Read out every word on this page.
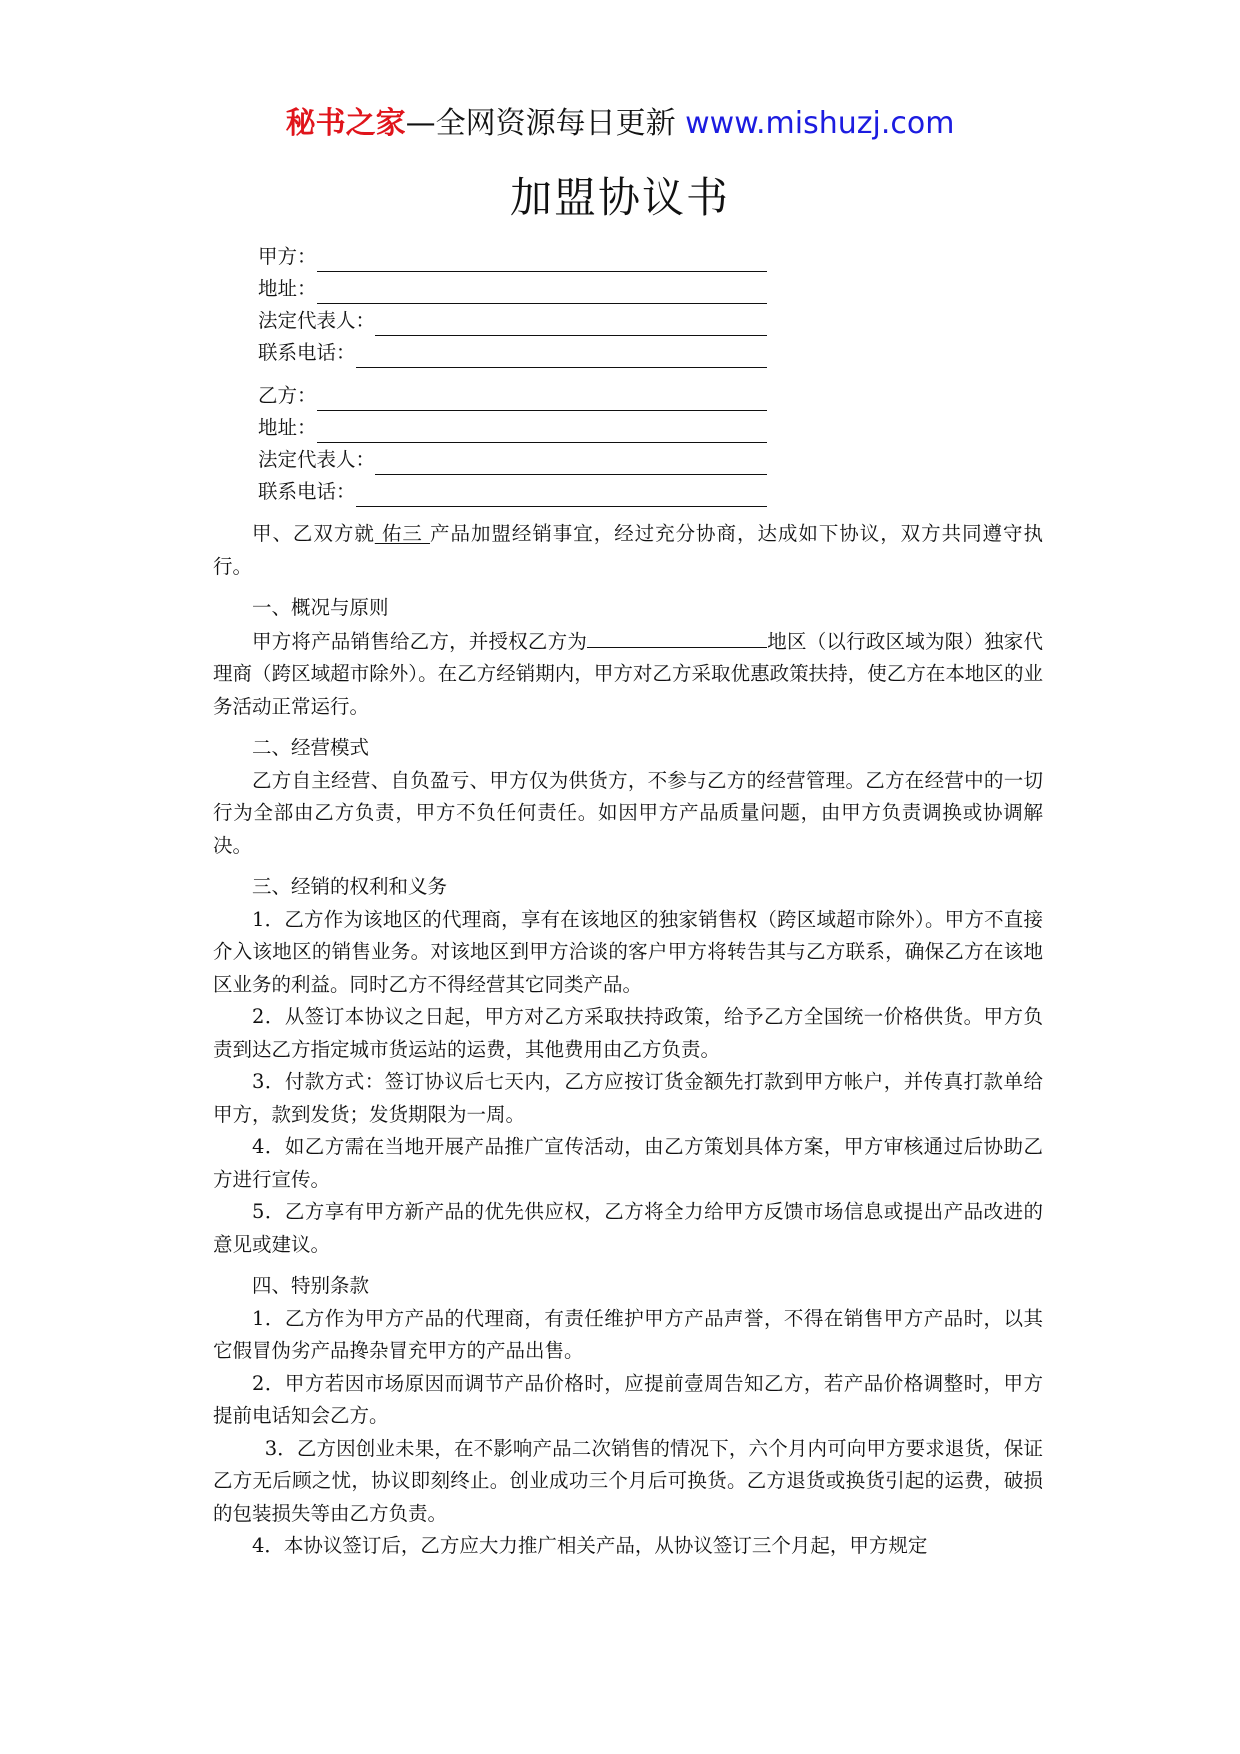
秘书之家—全网资源每日更新 www.mishuzj.com
加盟协议书
甲方：
地址：
法定代表人：
联系电话：
乙方：
地址：
法定代表人：
联系电话：

甲、乙双方就 佑三 产品加盟经销事宜，经过充分协商，达成如下协议，双方共同遵守执行。

一、概况与原则

甲方将产品销售给乙方，并授权乙方为	地区（以行政区域为限）独家代理商（跨区域超市除外）。在乙方经销期内，甲方对乙方采取优惠政策扶持，使乙方在本地区的业务活动正常运行。

二、经营模式

乙方自主经营、自负盈亏、甲方仅为供货方，不参与乙方的经营管理。乙方在经营中的一切行为全部由乙方负责，甲方不负任何责任。如因甲方产品质量问题，由甲方负责调换或协调解决。

三、经销的权利和义务

1．乙方作为该地区的代理商，享有在该地区的独家销售权（跨区域超市除外）。甲方不直接介入该地区的销售业务。对该地区到甲方洽谈的客户甲方将转告其与乙方联系，确保乙方在该地区业务的利益。同时乙方不得经营其它同类产品。

2．从签订本协议之日起，甲方对乙方采取扶持政策，给予乙方全国统一价格供货。甲方负责到达乙方指定城市货运站的运费，其他费用由乙方负责。

3．付款方式：签订协议后七天内，乙方应按订货金额先打款到甲方帐户，并传真打款单给甲方，款到发货；发货期限为一周。

4．如乙方需在当地开展产品推广宣传活动，由乙方策划具体方案，甲方审核通过后协助乙方进行宣传。

5．乙方享有甲方新产品的优先供应权，乙方将全力给甲方反馈市场信息或提出产品改进的意见或建议。

四、特别条款

1．乙方作为甲方产品的代理商，有责任维护甲方产品声誉，不得在销售甲方产品时，以其它假冒伪劣产品搀杂冒充甲方的产品出售。

2．甲方若因市场原因而调节产品价格时，应提前壹周告知乙方，若产品价格调整时，甲方提前电话知会乙方。

3．乙方因创业未果，在不影响产品二次销售的情况下，六个月内可向甲方要求退货，保证乙方无后顾之忧，协议即刻终止。创业成功三个月后可换货。乙方退货或换货引起的运费，破损的包装损失等由乙方负责。

4．本协议签订后，乙方应大力推广相关产品，从协议签订三个月起，甲方规定
